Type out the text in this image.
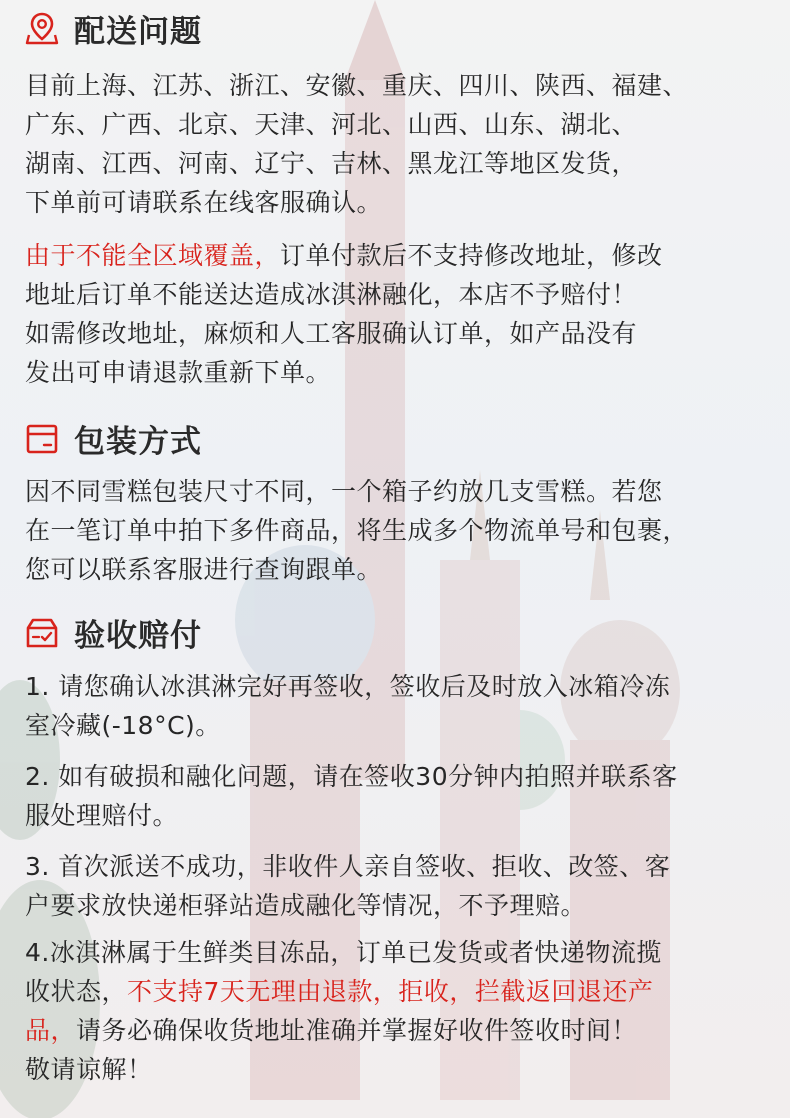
配送问题
目前上海、江苏、浙江、安徽、重庆、四川、陕西、福建、
广东、广西、北京、天津、河北、山西、山东、湖北、
湖南、江西、河南、辽宁、吉林、黑龙江等地区发货，
下单前可请联系在线客服确认。
由于不能全区域覆盖，订单付款后不支持修改地址，修改
地址后订单不能送达造成冰淇淋融化，本店不予赔付！
如需修改地址，麻烦和人工客服确认订单，如产品没有
发出可申请退款重新下单。
包装方式
因不同雪糕包装尺寸不同，一个箱子约放几支雪糕。若您
在一笔订单中拍下多件商品，将生成多个物流单号和包裹，
您可以联系客服进行查询跟单。
验收赔付
1. 请您确认冰淇淋完好再签收，签收后及时放入冰箱冷冻
室冷藏(-18°C)。
2. 如有破损和融化问题，请在签收30分钟内拍照并联系客
服处理赔付。
3. 首次派送不成功，非收件人亲自签收、拒收、改签、客
户要求放快递柜驿站造成融化等情况，不予理赔。
4.冰淇淋属于生鲜类目冻品，订单已发货或者快递物流揽
收状态，不支持7天无理由退款，拒收，拦截返回退还产
品，请务必确保收货地址准确并掌握好收件签收时间！
敬请谅解！
